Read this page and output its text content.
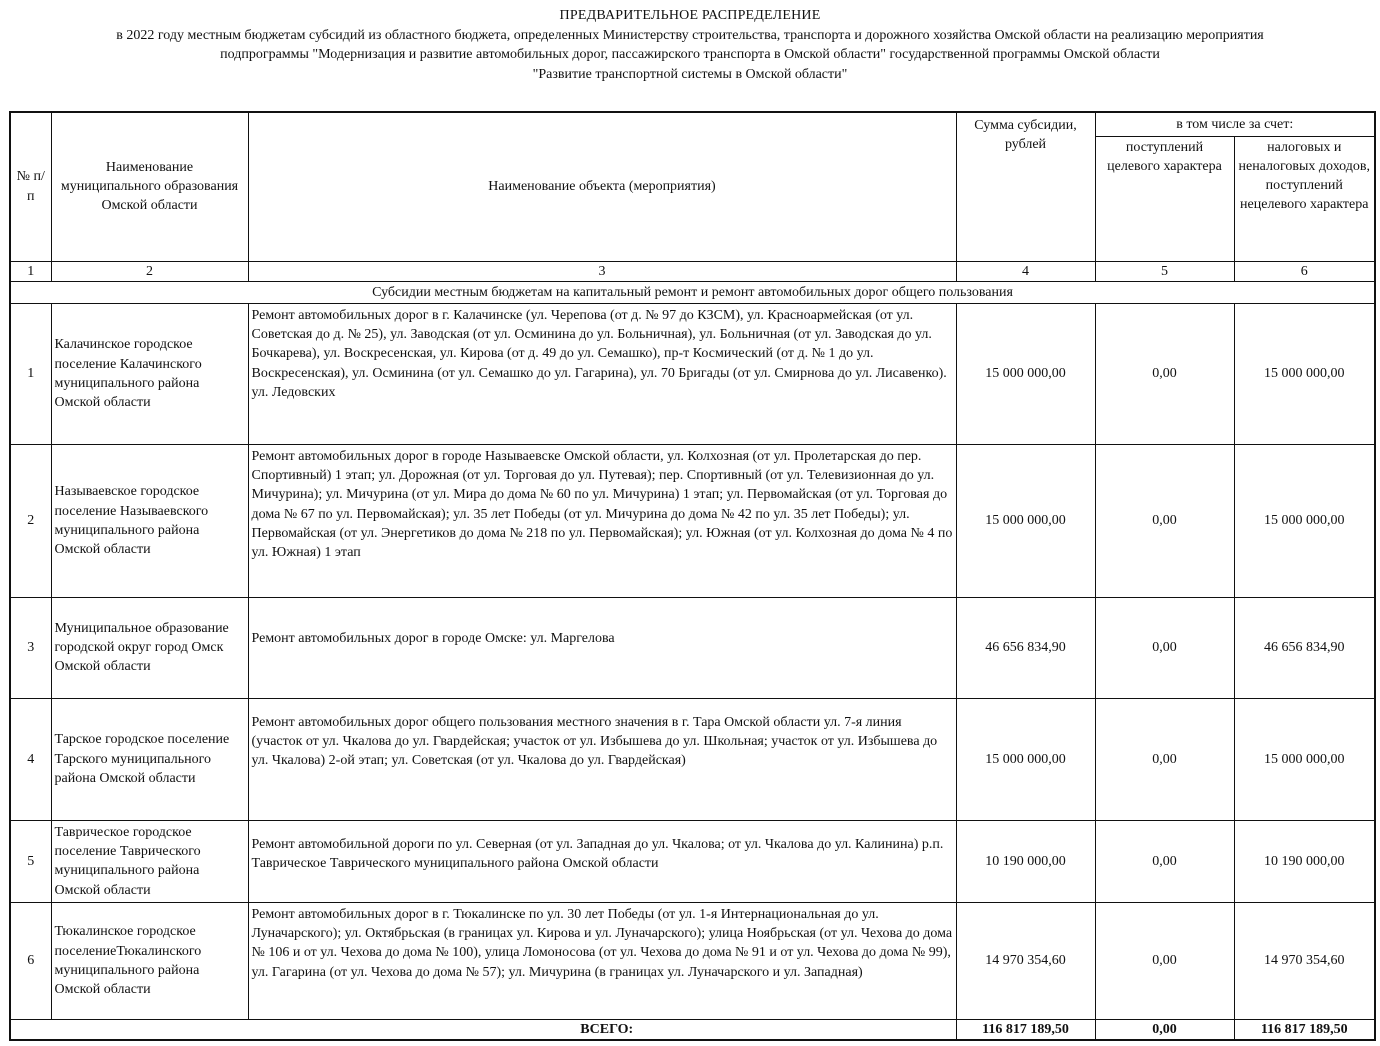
ПРЕДВАРИТЕЛЬНОЕ РАСПРЕДЕЛЕНИЕ
в 2022 году местным бюджетам субсидий из областного бюджета, определенных Министерству строительства, транспорта и дорожного хозяйства Омской области на реализацию мероприятия
подпрограммы "Модернизация и развитие автомобильных дорог, пассажирского транспорта в Омской области" государственной программы Омской области
"Развитие транспортной системы в Омской области"
№ п/п	Наименование муниципального образования Омской области	Наименование объекта (мероприятия)	Сумма субсидии, рублей	в том числе за счет:	
				поступлений целевого характера	налоговых и неналоговых доходов, поступлений нецелевого характера
1	2	3	4	5	6
Субсидии местным бюджетам на капитальный ремонт и ремонт автомобильных дорог общего пользования					
1	Калачинское городское поселение Калачинского муниципального района Омской области	Ремонт автомобильных дорог в г. Калачинске (ул. Черепова (от д. № 97 до КЗСМ), ул. Красноармейская (от ул. Советская до д. № 25), ул. Заводская (от ул. Осминина до ул. Больничная), ул. Больничная (от ул. Заводская до ул. Бочкарева), ул. Воскресенская, ул. Кирова (от д. 49 до ул. Семашко), пр-т Космический (от д. № 1 до ул. Воскресенская), ул. Осминина (от ул. Семашко до ул. Гагарина), ул. 70 Бригады (от ул. Смирнова до ул. Лисавенко). ул. Ледовских	15 000 000,00	0,00	15 000 000,00
2	Называевское городское поселение Называевского муниципального района Омской области	Ремонт автомобильных дорог в городе Называевске Омской области, ул. Колхозная (от ул. Пролетарская до пер. Спортивный) 1 этап; ул. Дорожная (от ул. Торговая до ул. Путевая); пер. Спортивный (от ул. Телевизионная до ул. Мичурина); ул. Мичурина (от ул. Мира до дома № 60 по ул. Мичурина) 1 этап; ул. Первомайская (от ул. Торговая до дома № 67 по ул. Первомайская); ул. 35 лет Победы (от ул. Мичурина до дома № 42 по ул. 35 лет Победы); ул. Первомайская (от ул. Энергетиков до дома № 218 по ул. Первомайская); ул. Южная (от ул. Колхозная до дома № 4 по ул. Южная) 1 этап	15 000 000,00	0,00	15 000 000,00
3	Муниципальное образование городской округ город Омск Омской области	Ремонт автомобильных дорог в городе Омске: ул. Маргелова	46 656 834,90	0,00	46 656 834,90
4	Тарское городское поселение Тарского муниципального района Омской области	Ремонт автомобильных дорог общего пользования местного значения в г. Тара Омской области ул. 7-я линия (участок от ул. Чкалова до ул. Гвардейская; участок от ул. Избышева до ул. Школьная; участок от ул. Избышева до ул. Чкалова) 2-ой этап; ул. Советская (от ул. Чкалова до ул. Гвардейская)	15 000 000,00	0,00	15 000 000,00
5	Таврическое городское поселение Таврического муниципального района Омской области	Ремонт автомобильной дороги по ул. Северная (от ул. Западная до ул. Чкалова; от ул. Чкалова до ул. Калинина) р.п. Таврическое Таврического муниципального района Омской области	10 190 000,00	0,00	10 190 000,00
6	Тюкалинское городское поселениеТюкалинского муниципального района Омской области	Ремонт автомобильных дорог в г. Тюкалинске по ул. 30 лет Победы (от ул. 1-я Интернациональная до ул. Луначарского); ул. Октябрьская (в границах ул. Кирова и ул. Луначарского); улица Ноябрьская (от ул. Чехова до дома № 106 и от ул. Чехова до дома № 100), улица Ломоносова (от ул. Чехова до дома № 91 и от ул. Чехова до дома № 99), ул. Гагарина (от ул. Чехова до дома № 57); ул. Мичурина (в границах ул. Луначарского и ул. Западная)	14 970 354,60	0,00	14 970 354,60
ВСЕГО:			116 817 189,50	0,00	116 817 189,50
